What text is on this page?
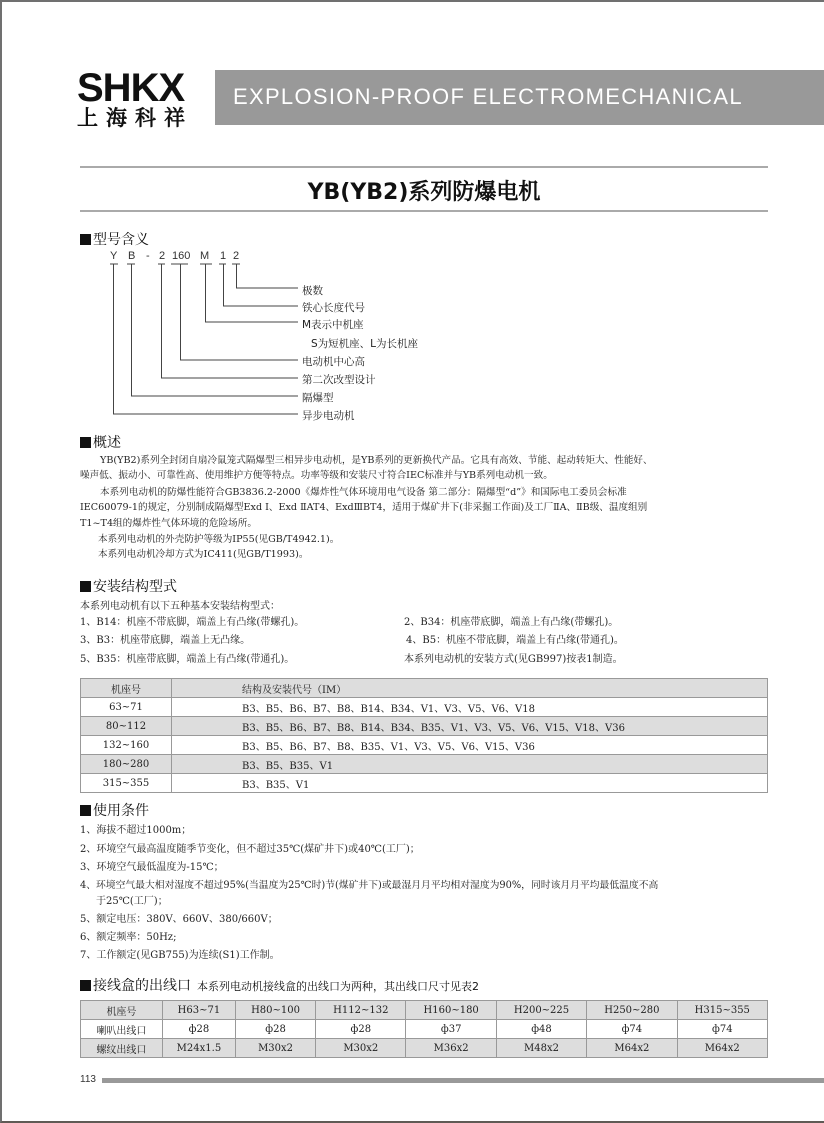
SHKX
上海科祥
EXPLOSION-PROOF ELECTROMECHANICAL
YB(YB2)系列防爆电机
型号含义
Y B - 2 160 M 1 2
极数
铁心长度代号
M表示中机座
S为短机座、L为长机座
电动机中心高
第二次改型设计
隔爆型
异步电动机
概述
YB(YB2)系列全封闭自扇冷鼠笼式隔爆型三相异步电动机，是YB系列的更新换代产品。它具有高效、节能、起动转矩大、性能好、
噪声低、振动小、可靠性高、使用维护方便等特点。功率等级和安装尺寸符合IEC标准并与YB系列电动机一致。
本系列电动机的防爆性能符合GB3836.2-2000《爆炸性气体环境用电气设备 第二部分：隔爆型“d”》和国际电工委员会标准
IEC60079-1的规定，分别制成隔爆型Exd Ⅰ、Exd ⅡAT4、ExdⅢBT4，适用于煤矿井下(非采掘工作面)及工厂ⅡA、ⅡB级、温度组别
T1~T4组的爆炸性气体环境的危险场所。
本系列电动机的外壳防护等级为IP55(见GB/T4942.1)。
本系列电动机冷却方式为IC411(见GB/T1993)。
安装结构型式
本系列电动机有以下五种基本安装结构型式：
1、B14：机座不带底脚，端盖上有凸缘(带螺孔)。	2、B34：机座带底脚，端盖上有凸缘(带螺孔)。
3、B3：机座带底脚，端盖上无凸缘。	4、B5：机座不带底脚，端盖上有凸缘(带通孔)。
5、B35：机座带底脚，端盖上有凸缘(带通孔)。	本系列电动机的安装方式(见GB997)按表1制造。
机座号	结构及安装代号（IM）
63~71	B3、B5、B6、B7、B8、B14、B34、V1、V3、V5、V6、V18
80~112	B3、B5、B6、B7、B8、B14、B34、B35、V1、V3、V5、V6、V15、V18、V36
132~160	B3、B5、B6、B7、B8、B35、V1、V3、V5、V6、V15、V36
180~280	B3、B5、B35、V1
315~355	B3、B35、V1
使用条件
1、海拔不超过1000m；
2、环境空气最高温度随季节变化，但不超过35℃(煤矿井下)或40℃(工厂)；
3、环境空气最低温度为-15℃；
4、环境空气最大相对湿度不超过95%(当温度为25℃时)节(煤矿井下)或最湿月月平均相对湿度为90%，同时该月月平均最低温度不高
于25℃(工厂)；
5、额定电压：380V、660V、380/660V；
6、额定频率：50Hz;
7、工作额定(见GB755)为连续(S1)工作制。
接线盒的出线口 本系列电动机接线盒的出线口为两种，其出线口尺寸见表2
机座号	H63~71	H80~100	H112~132	H160~180	H200~225	H250~280	H315~355
喇叭出线口	ф28	ф28	ф28	ф37	ф48	ф74	ф74
螺纹出线口	M24x1.5	M30x2	M30x2	M36x2	M48x2	M64x2	M64x2
113
